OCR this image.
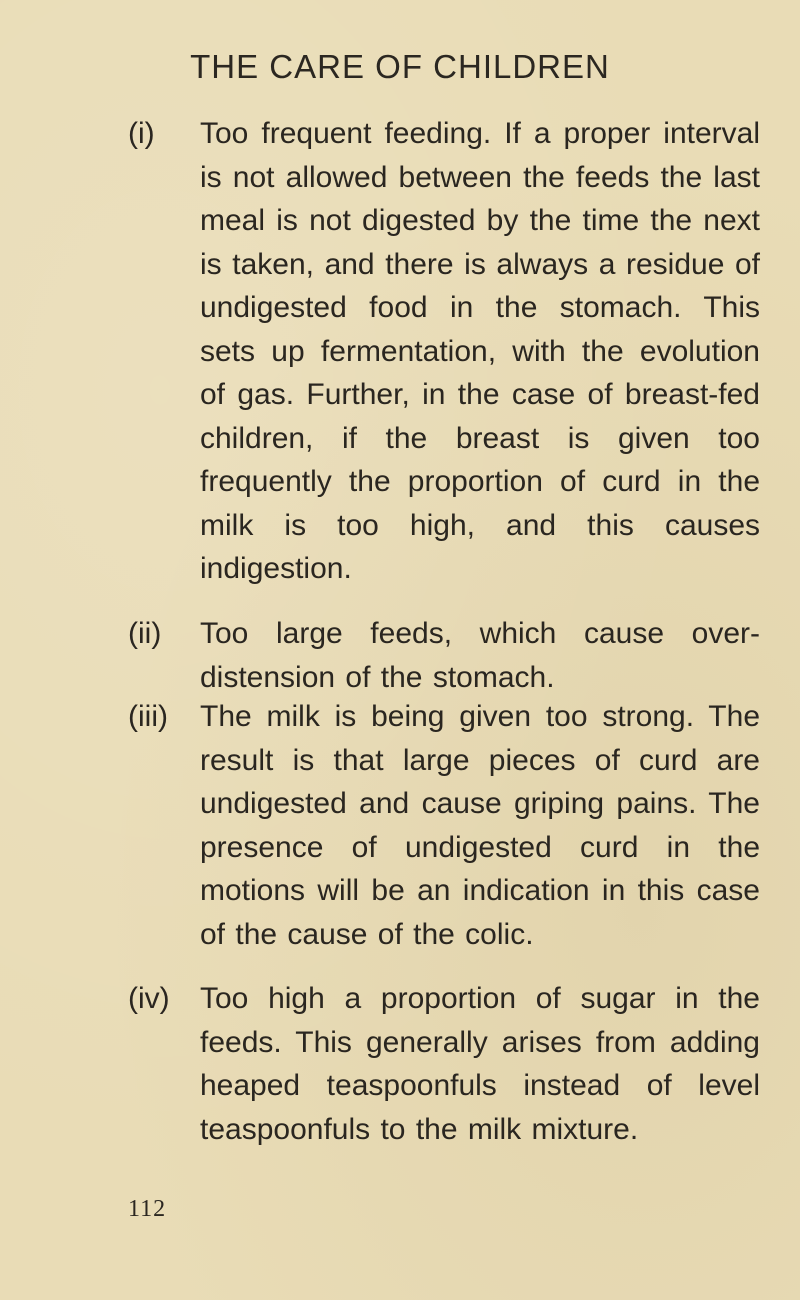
THE CARE OF CHILDREN
(i) Too frequent feeding. If a proper interval is not allowed between the feeds the last meal is not digested by the time the next is taken, and there is always a residue of undigested food in the stomach. This sets up fermentation, with the evolution of gas. Further, in the case of breast-fed children, if the breast is given too frequently the proportion of curd in the milk is too high, and this causes indigestion.
(ii) Too large feeds, which cause over-distension of the stomach.
(iii) The milk is being given too strong. The result is that large pieces of curd are undigested and cause griping pains. The presence of undigested curd in the motions will be an indication in this case of the cause of the colic.
(iv) Too high a proportion of sugar in the feeds. This generally arises from adding heaped teaspoonfuls instead of level teaspoonfuls to the milk mixture.
112
